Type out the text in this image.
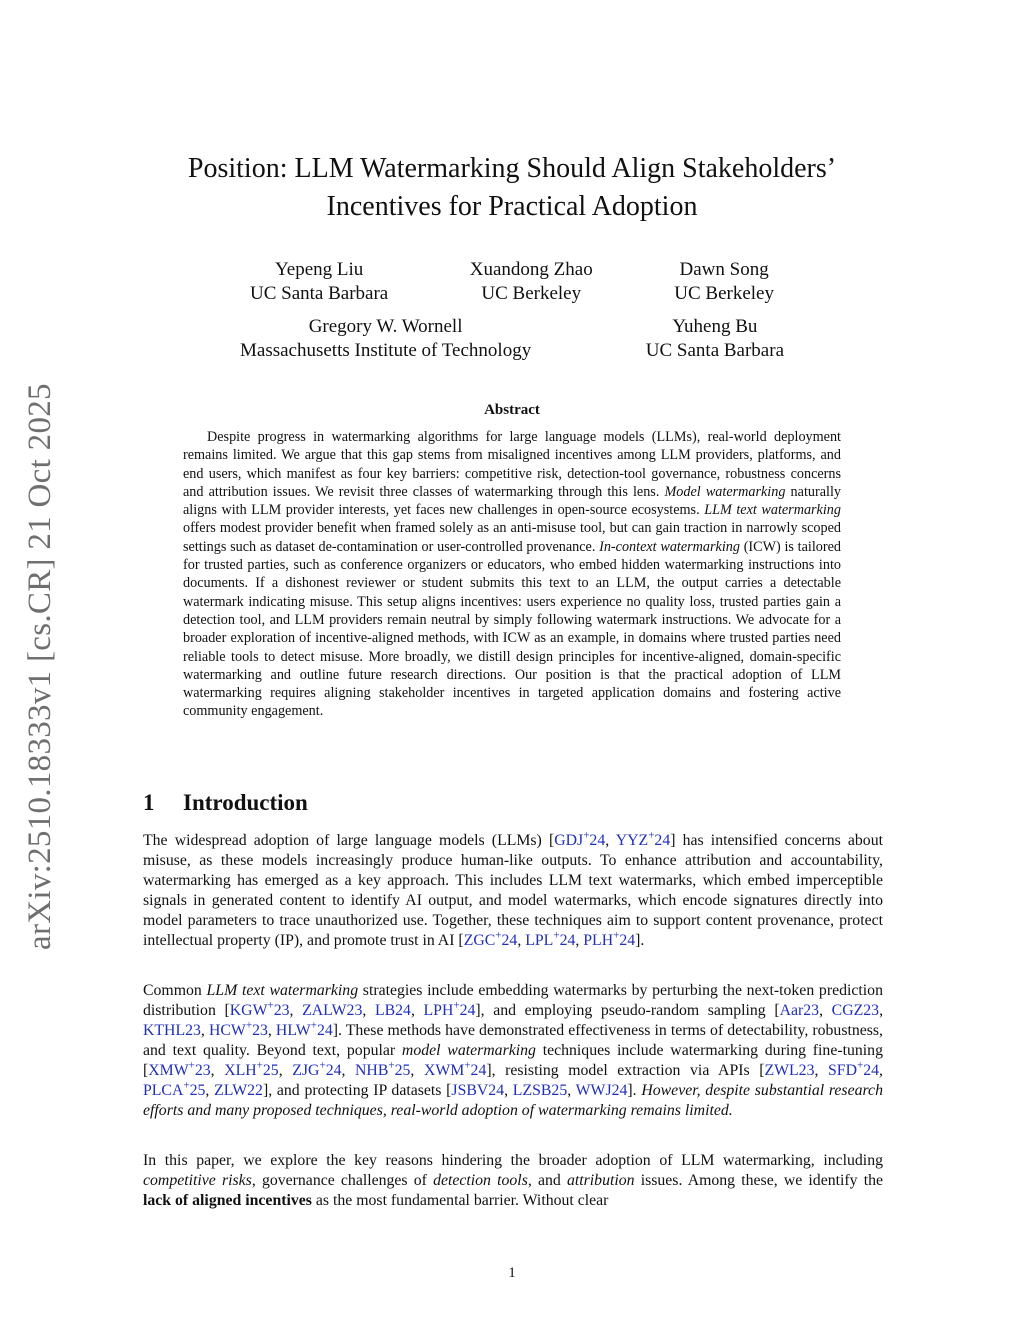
arXiv:2510.18333v1 [cs.CR] 21 Oct 2025
Position: LLM Watermarking Should Align Stakeholders’
Incentives for Practical Adoption
Yepeng Liu
UC Santa Barbara
Xuandong Zhao
UC Berkeley
Dawn Song
UC Berkeley
Gregory W. Wornell
Massachusetts Institute of Technology
Yuheng Bu
UC Santa Barbara
Abstract

Despite progress in watermarking algorithms for large language models (LLMs), real-world deployment remains limited. We argue that this gap stems from misaligned incentives among LLM providers, platforms, and end users, which manifest as four key barriers: competitive risk, detection-tool governance, robustness concerns and attribution issues. We revisit three classes of watermarking through this lens. Model watermarking naturally aligns with LLM provider interests, yet faces new challenges in open-source ecosystems. LLM text watermarking offers modest provider benefit when framed solely as an anti-misuse tool, but can gain traction in narrowly scoped settings such as dataset de-contamination or user-controlled provenance. In-context watermarking (ICW) is tailored for trusted parties, such as conference organizers or educators, who embed hidden watermarking instructions into documents. If a dishonest reviewer or student submits this text to an LLM, the output carries a detectable watermark indicating misuse. This setup aligns incentives: users experience no quality loss, trusted parties gain a detection tool, and LLM providers remain neutral by simply following watermark instructions. We advocate for a broader exploration of incentive-aligned methods, with ICW as an example, in domains where trusted parties need reliable tools to detect misuse. More broadly, we distill design principles for incentive-aligned, domain-specific watermarking and outline future research directions. Our position is that the practical adoption of LLM watermarking requires aligning stakeholder incentives in targeted application domains and fostering active community engagement.

1 Introduction

The widespread adoption of large language models (LLMs) [GDJ+24, YYZ+24] has intensified concerns about misuse, as these models increasingly produce human-like outputs. To enhance attribution and accountability, watermarking has emerged as a key approach. This includes LLM text watermarks, which embed imperceptible signals in generated content to identify AI output, and model watermarks, which encode signatures directly into model parameters to trace unauthorized use. Together, these techniques aim to support content provenance, protect intellectual property (IP), and promote trust in AI [ZGC+24, LPL+24, PLH+24].

Common LLM text watermarking strategies include embedding watermarks by perturbing the next-token prediction distribution [KGW+23, ZALW23, LB24, LPH+24], and employing pseudo-random sampling [Aar23, CGZ23, KTHL23, HCW+23, HLW+24]. These methods have demonstrated effectiveness in terms of detectability, robustness, and text quality. Beyond text, popular model watermarking techniques include watermarking during fine-tuning [XMW+23, XLH+25, ZJG+24, NHB+25, XWM+24], resisting model extraction via APIs [ZWL23, SFD+24, PLCA+25, ZLW22], and protecting IP datasets [JSBV24, LZSB25, WWJ24]. However, despite substantial research efforts and many proposed techniques, real-world adoption of watermarking remains limited.

In this paper, we explore the key reasons hindering the broader adoption of LLM watermarking, including competitive risks, governance challenges of detection tools, and attribution issues. Among these, we identify the lack of aligned incentives as the most fundamental barrier. Without clear

1
